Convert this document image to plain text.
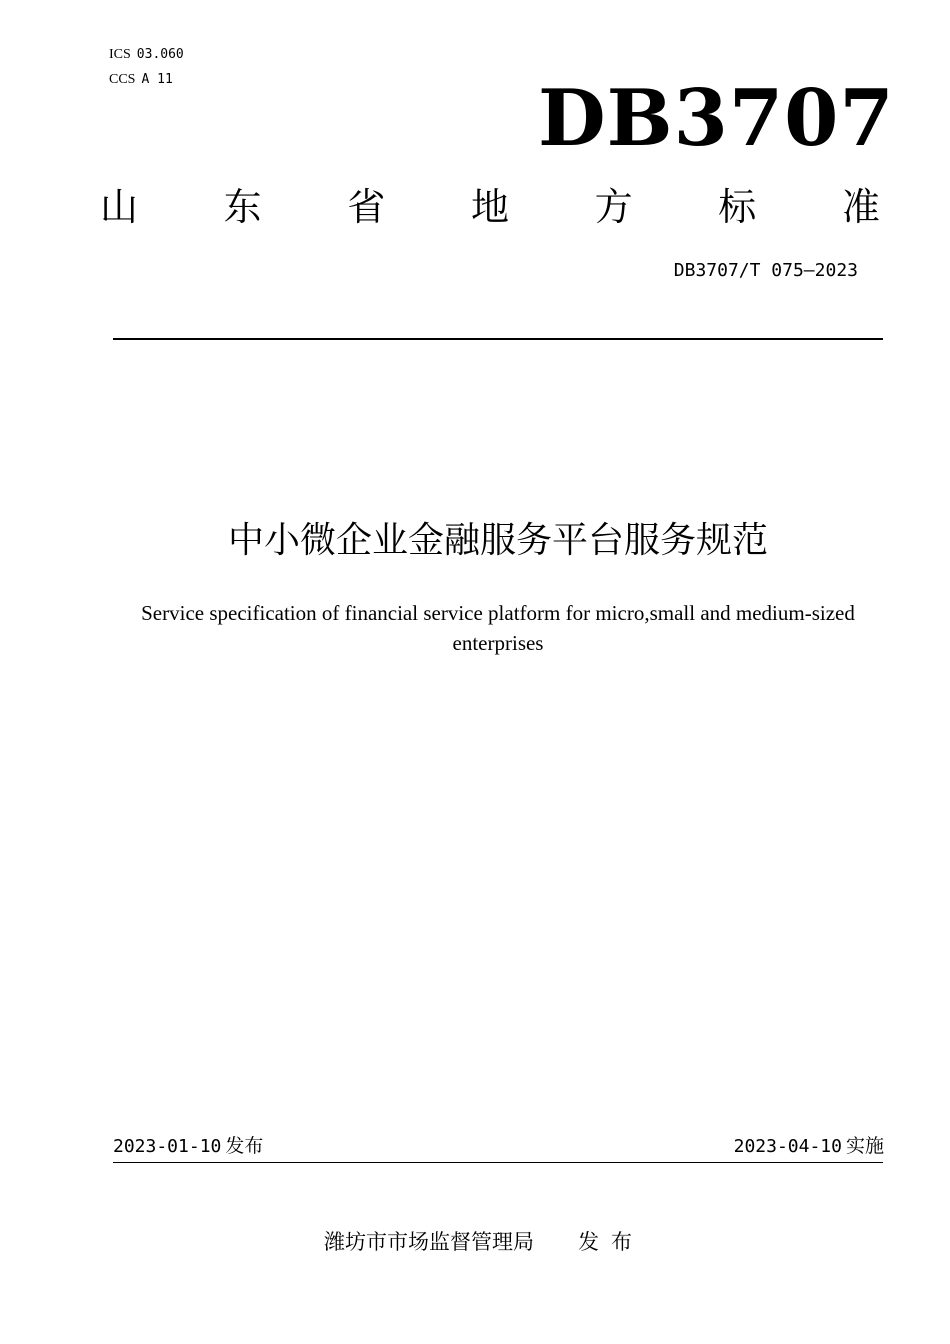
ICS 03.060
CCS A 11	DB3707
山 东 省 地 方 标 准
DB3707/T 075—2023
中小微企业金融服务平台服务规范
Service specification of financial service platform for micro,small and medium-sized enterprises
2023-01-10 发布	2023-04-10 实施
潍坊市市场监督管理局 发布
